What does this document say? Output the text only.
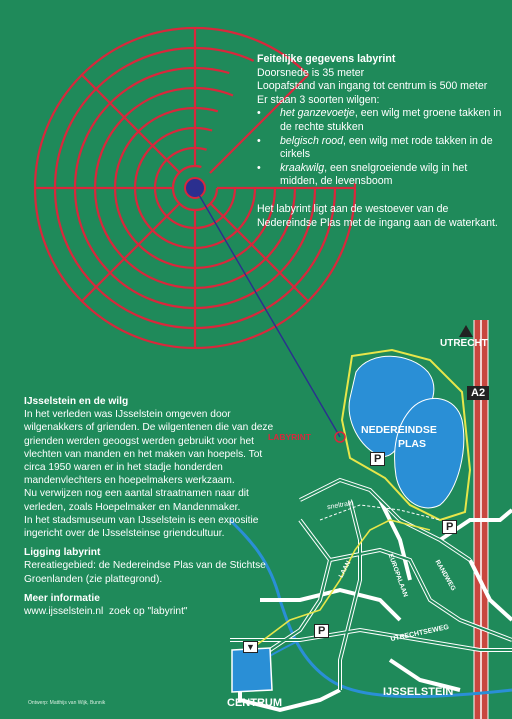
Feitelijke gegevens labyrint
Doorsnede is 35 meter
Loopafstand van ingang tot centrum is 500 meter
Er staan 3 soorten wilgen:
• het ganzevoetje, een wilg met groene takken in de rechte stukken
• belgisch rood, een wilg met rode takken in de cirkels
• kraakwilg, een snelgroeiende wilg in het midden, de levensboom
Het labyrint ligt aan de westoever van de Nedereindse Plas met de ingang aan de waterkant.
IJsselstein en de wilg
In het verleden was IJsselstein omgeven door wilgenakkers of grienden. De wilgentenen die van deze grienden werden geoogst werden gebruikt voor het vlechten van manden en het maken van hoepels. Tot circa 1950 waren er in het stadje honderden mandenvlechters en hoepelmakers werkzaam.
Nu verwijzen nog een aantal straatnamen naar dit verleden, zoals Hoepelmaker en Mandenmaker.
In het stadsmuseum van IJsselstein is een expositie ingericht over de IJsselsteinse griendcultuur.
Ligging labyrint
Rereatiegebied: de Nedereindse Plas van de Stichtse Groenlanden (zie plattegrond).
Meer informatie
www.ijsselstein.nl zoek op "labyrint"
Ontwerp: Matthijs van Wijk, Bunnik
UTRECHT
A2
LABYRINT
NEDEREINDSE
PLAS
P
P
P
sneltram
UTRECHTSEWEG
RANDWEG
EUROPALAAN
LAAN
▼
CENTRUM
IJSSELSTEIN
